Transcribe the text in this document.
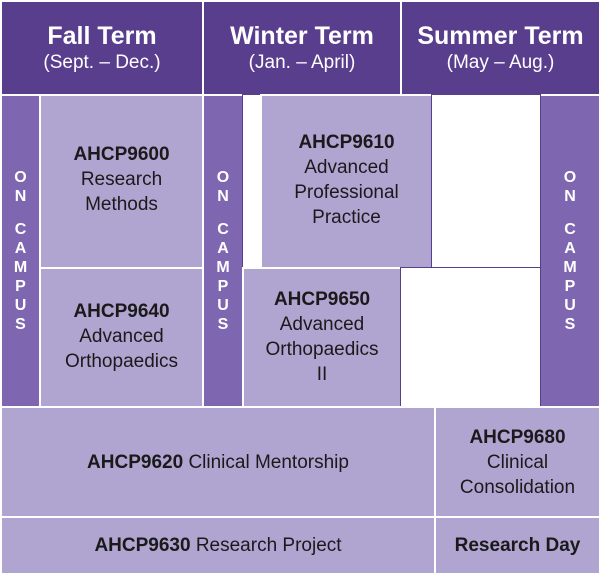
Fall Term
(Sept. – Dec.)
Winter Term
(Jan. – April)
Summer Term
(May – Aug.)
O
N
C
A
M
P
U
S
O
N
C
A
M
P
U
S
O
N
C
A
M
P
U
S
AHCP9600
Research
Methods
AHCP9640
Advanced
Orthopaedics
AHCP9610
Advanced
Professional
Practice
AHCP9650
Advanced
Orthopaedics
II
AHCP9620 Clinical Mentorship
AHCP9680
Clinical
Consolidation
AHCP9630 Research Project	Research Day
